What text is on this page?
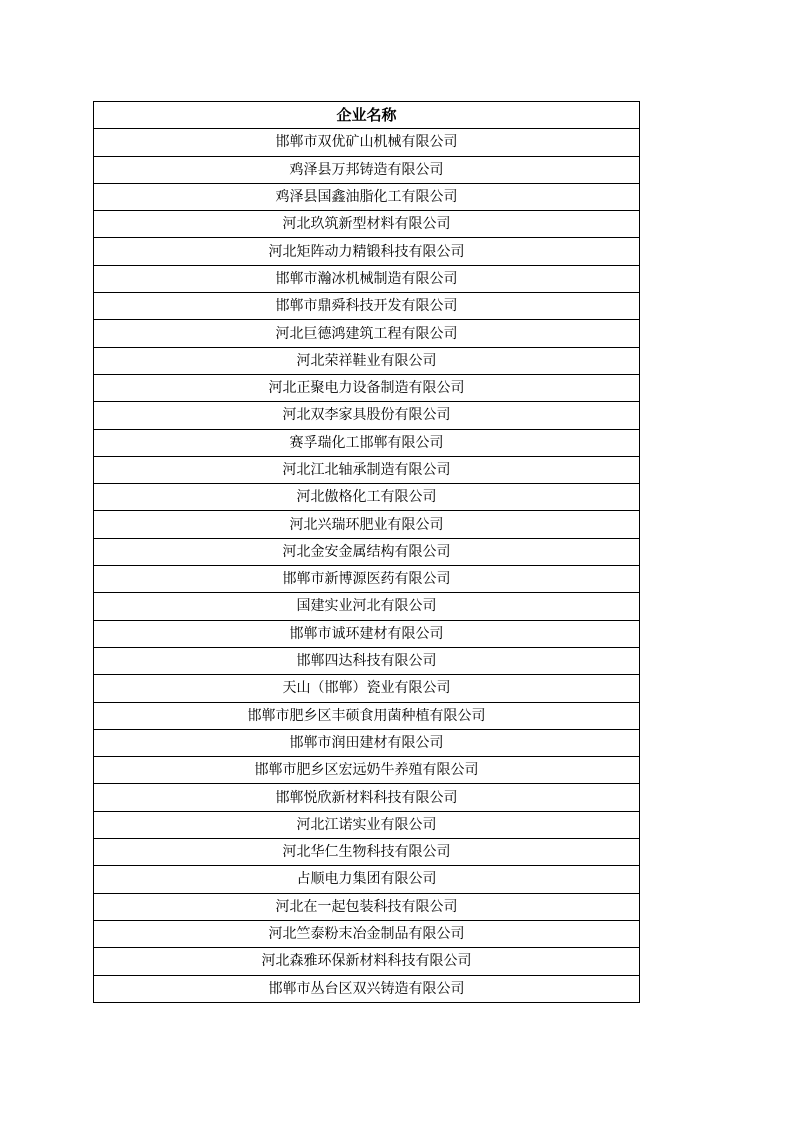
企业名称
邯郸市双优矿山机械有限公司
鸡泽县万邦铸造有限公司
鸡泽县国鑫油脂化工有限公司
河北玖筑新型材料有限公司
河北矩阵动力精锻科技有限公司
邯郸市瀚冰机械制造有限公司
邯郸市鼎舜科技开发有限公司
河北巨德鸿建筑工程有限公司
河北荣祥鞋业有限公司
河北正聚电力设备制造有限公司
河北双李家具股份有限公司
赛孚瑞化工邯郸有限公司
河北江北轴承制造有限公司
河北傲格化工有限公司
河北兴瑞环肥业有限公司
河北金安金属结构有限公司
邯郸市新博源医药有限公司
国建实业河北有限公司
邯郸市诚环建材有限公司
邯郸四达科技有限公司
天山（邯郸）瓷业有限公司
邯郸市肥乡区丰硕食用菌种植有限公司
邯郸市润田建材有限公司
邯郸市肥乡区宏远奶牛养殖有限公司
邯郸悦欣新材料科技有限公司
河北江诺实业有限公司
河北华仁生物科技有限公司
占顺电力集团有限公司
河北在一起包装科技有限公司
河北竺泰粉末冶金制品有限公司
河北森雅环保新材料科技有限公司
邯郸市丛台区双兴铸造有限公司
